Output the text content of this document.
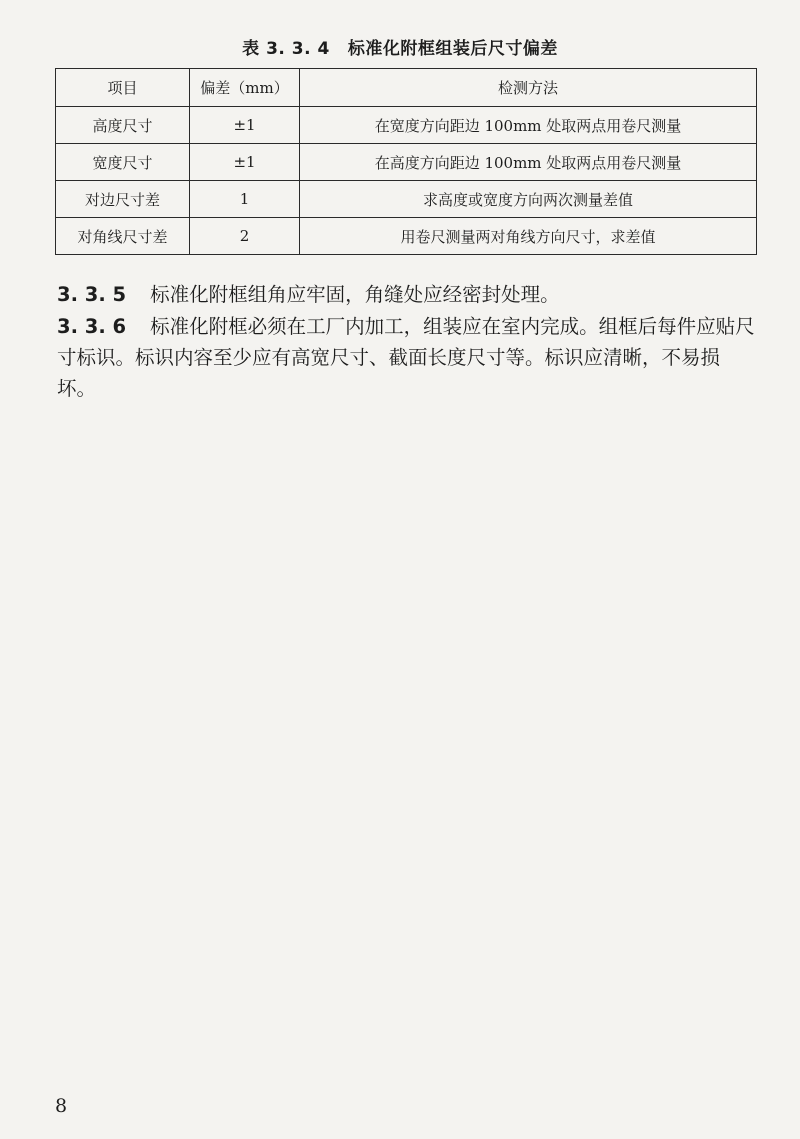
表 3. 3. 4 标准化附框组装后尺寸偏差
项目	偏差（mm）	检测方法
高度尺寸	±1	在宽度方向距边 100mm 处取两点用卷尺测量
宽度尺寸	±1	在高度方向距边 100mm 处取两点用卷尺测量
对边尺寸差	1	求高度或宽度方向两次测量差值
对角线尺寸差	2	用卷尺测量两对角线方向尺寸，求差值

3. 3. 5 标准化附框组角应牢固，角缝处应经密封处理。

3. 3. 6 标准化附框必须在工厂内加工，组装应在室内完成。组框后每件应贴尺寸标识。标识内容至少应有高宽尺寸、截面长度尺寸等。标识应清晰，不易损坏。

8
